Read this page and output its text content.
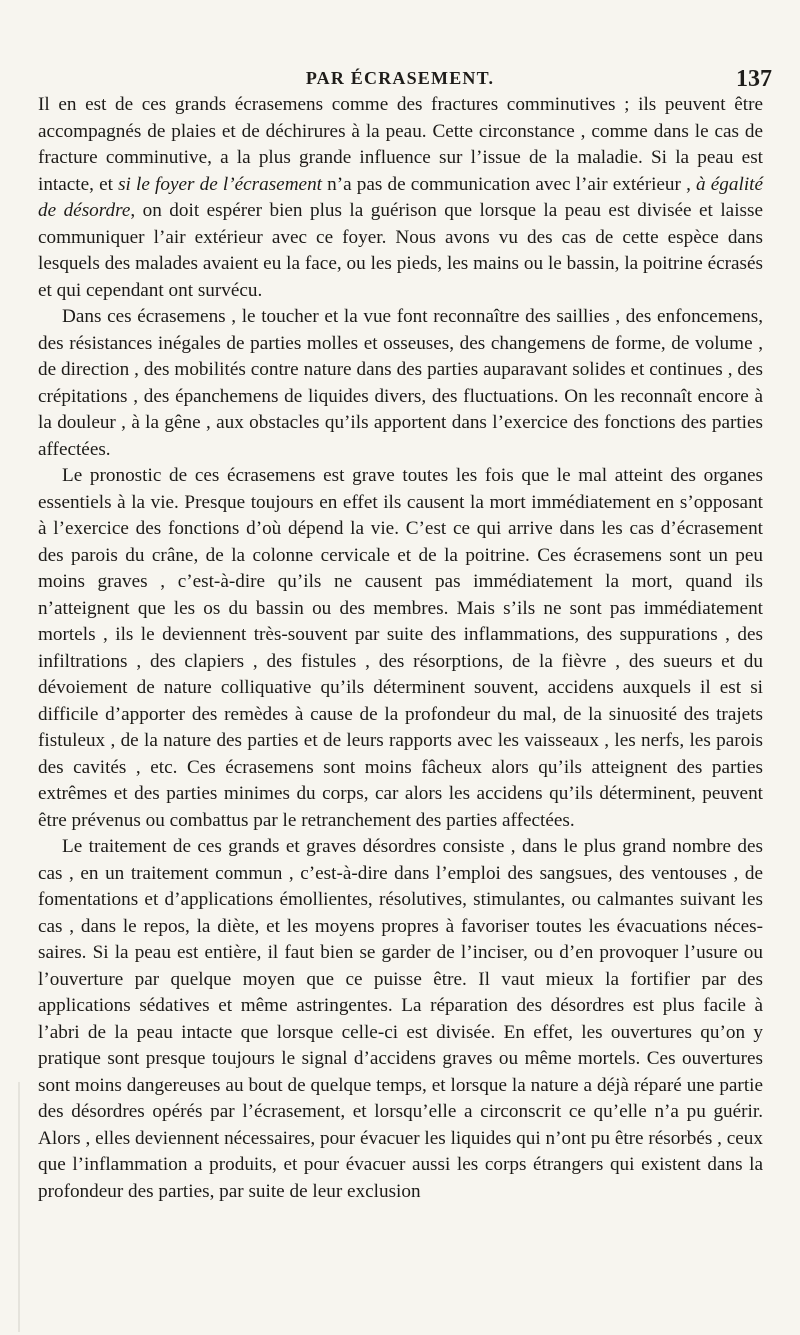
PAR ÉCRASEMENT.	137

Il en est de ces grands écrasemens comme des fractures comminutives ; ils peuvent être accompagnés de plaies et de déchirures à la peau. Cette circonstance , comme dans le cas de fracture comminutive, a la plus grande influence sur l’issue de la maladie. Si la peau est intacte, et si le foyer de l’écrasement n’a pas de communication avec l’air extérieur , à égalité de désordre, on doit espérer bien plus la guérison que lorsque la peau est divisée et laisse communiquer l’air extérieur avec ce foyer. Nous avons vu des cas de cette espèce dans lesquels des malades avaient eu la face, ou les pieds, les mains ou le bassin, la poitrine écrasés et qui cependant ont survécu.

Dans ces écrasemens , le toucher et la vue font reconnaître des saillies , des enfoncemens, des résistances inégales de parties molles et osseuses, des changemens de forme, de volume , de direction , des mobilités contre nature dans des parties auparavant solides et continues , des crépitations , des épanchemens de liquides divers, des fluctuations. On les reconnaît encore à la douleur , à la gêne , aux obstacles qu’ils apportent dans l’exercice des fonctions des parties affectées.

Le pronostic de ces écrasemens est grave toutes les fois que le mal atteint des organes essentiels à la vie. Presque toujours en effet ils causent la mort immédiatement en s’opposant à l’exercice des fonctions d’où dépend la vie. C’est ce qui arrive dans les cas d’écrasement des parois du crâne, de la colonne cervicale et de la poitrine. Ces écrasemens sont un peu moins graves , c’est-à-dire qu’ils ne causent pas immédiatement la mort, quand ils n’atteignent que les os du bassin ou des membres. Mais s’ils ne sont pas immédiatement mortels , ils le deviennent très-souvent par suite des inflammations, des suppurations , des infiltrations , des clapiers , des fistules , des résorptions, de la fièvre , des sueurs et du dévoiement de nature colliquative qu’ils déterminent souvent, accidens auxquels il est si difficile d’apporter des remèdes à cause de la profondeur du mal, de la sinuosité des trajets fistuleux , de la nature des parties et de leurs rapports avec les vaisseaux , les nerfs, les parois des cavités , etc. Ces écrasemens sont moins fâcheux alors qu’ils atteignent des parties extrêmes et des parties minimes du corps, car alors les accidens qu’ils déterminent, peuvent être prévenus ou combattus par le retranchement des parties affectées.

Le traitement de ces grands et graves désordres consiste , dans le plus grand nombre des cas , en un traitement commun , c’est-à-dire dans l’emploi des sangsues, des ventouses , de fomentations et d’applications émollientes, résolutives, stimulantes, ou calmantes suivant les cas , dans le repos, la diète, et les moyens propres à favoriser toutes les évacuations nécessaires. Si la peau est entière, il faut bien se garder de l’inciser, ou d’en provoquer l’usure ou l’ouverture par quelque moyen que ce puisse être. Il vaut mieux la fortifier par des applications sédatives et même astringentes. La réparation des désordres est plus facile à l’abri de la peau intacte que lorsque celle-ci est divisée. En effet, les ouvertures qu’on y pratique sont presque toujours le signal d’accidens graves ou même mortels. Ces ouvertures sont moins dangereuses au bout de quelque temps, et lorsque la nature a déjà réparé une partie des désordres opérés par l’écrasement, et lorsqu’elle a circonscrit ce qu’elle n’a pu guérir. Alors , elles deviennent nécessaires, pour évacuer les liquides qui n’ont pu être résorbés , ceux que l’inflammation a produits, et pour évacuer aussi les corps étrangers qui existent dans la profondeur des parties, par suite de leur exclusion
